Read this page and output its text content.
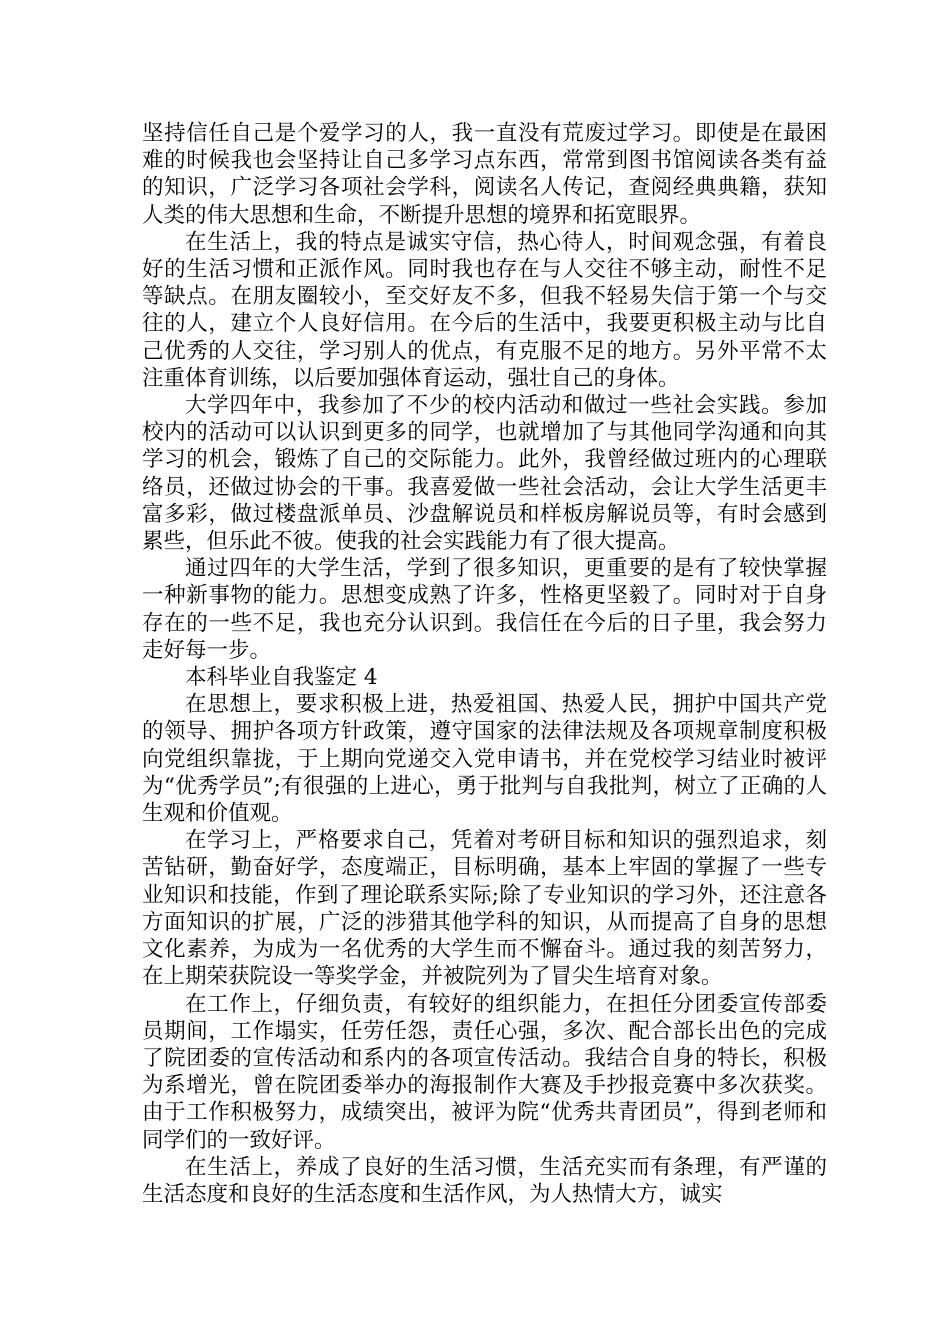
坚持信任自己是个爱学习的人，我一直没有荒废过学习。即使是在最困难的时候我也会坚持让自己多学习点东西，常常到图书馆阅读各类有益的知识，广泛学习各项社会学科，阅读名人传记，查阅经典典籍，获知人类的伟大思想和生命，不断提升思想的境界和拓宽眼界。

在生活上，我的特点是诚实守信，热心待人，时间观念强，有着良好的生活习惯和正派作风。同时我也存在与人交往不够主动，耐性不足等缺点。在朋友圈较小，至交好友不多，但我不轻易失信于第一个与交往的人，建立个人良好信用。在今后的生活中，我要更积极主动与比自己优秀的人交往，学习别人的优点，有克服不足的地方。另外平常不太注重体育训练，以后要加强体育运动，强壮自己的身体。

大学四年中，我参加了不少的校内活动和做过一些社会实践。参加校内的活动可以认识到更多的同学，也就增加了与其他同学沟通和向其学习的机会，锻炼了自己的交际能力。此外，我曾经做过班内的心理联络员，还做过协会的干事。我喜爱做一些社会活动，会让大学生活更丰富多彩，做过楼盘派单员、沙盘解说员和样板房解说员等，有时会感到累些，但乐此不彼。使我的社会实践能力有了很大提高。

通过四年的大学生活，学到了很多知识，更重要的是有了较快掌握一种新事物的能力。思想变成熟了许多，性格更坚毅了。同时对于自身存在的一些不足，我也充分认识到。我信任在今后的日子里，我会努力走好每一步。

本科毕业自我鉴定 4

在思想上，要求积极上进，热爱祖国、热爱人民，拥护中国共产党的领导、拥护各项方针政策，遵守国家的法律法规及各项规章制度积极向党组织靠拢，于上期向党递交入党申请书，并在党校学习结业时被评为“优秀学员”;有很强的上进心，勇于批判与自我批判，树立了正确的人生观和价值观。

在学习上，严格要求自己，凭着对考研目标和知识的强烈追求，刻苦钻研，勤奋好学，态度端正，目标明确，基本上牢固的掌握了一些专业知识和技能，作到了理论联系实际;除了专业知识的学习外，还注意各方面知识的扩展，广泛的涉猎其他学科的知识，从而提高了自身的思想文化素养，为成为一名优秀的大学生而不懈奋斗。通过我的刻苦努力，在上期荣获院设一等奖学金，并被院列为了冒尖生培育对象。

在工作上，仔细负责，有较好的组织能力，在担任分团委宣传部委员期间，工作塌实，任劳任怨，责任心强，多次、配合部长出色的完成了院团委的宣传活动和系内的各项宣传活动。我结合自身的特长，积极为系增光，曾在院团委举办的海报制作大赛及手抄报竞赛中多次获奖。由于工作积极努力，成绩突出，被评为院“优秀共青团员”，得到老师和同学们的一致好评。

在生活上，养成了良好的生活习惯，生活充实而有条理，有严谨的生活态度和良好的生活态度和生活作风，为人热情大方，诚实
